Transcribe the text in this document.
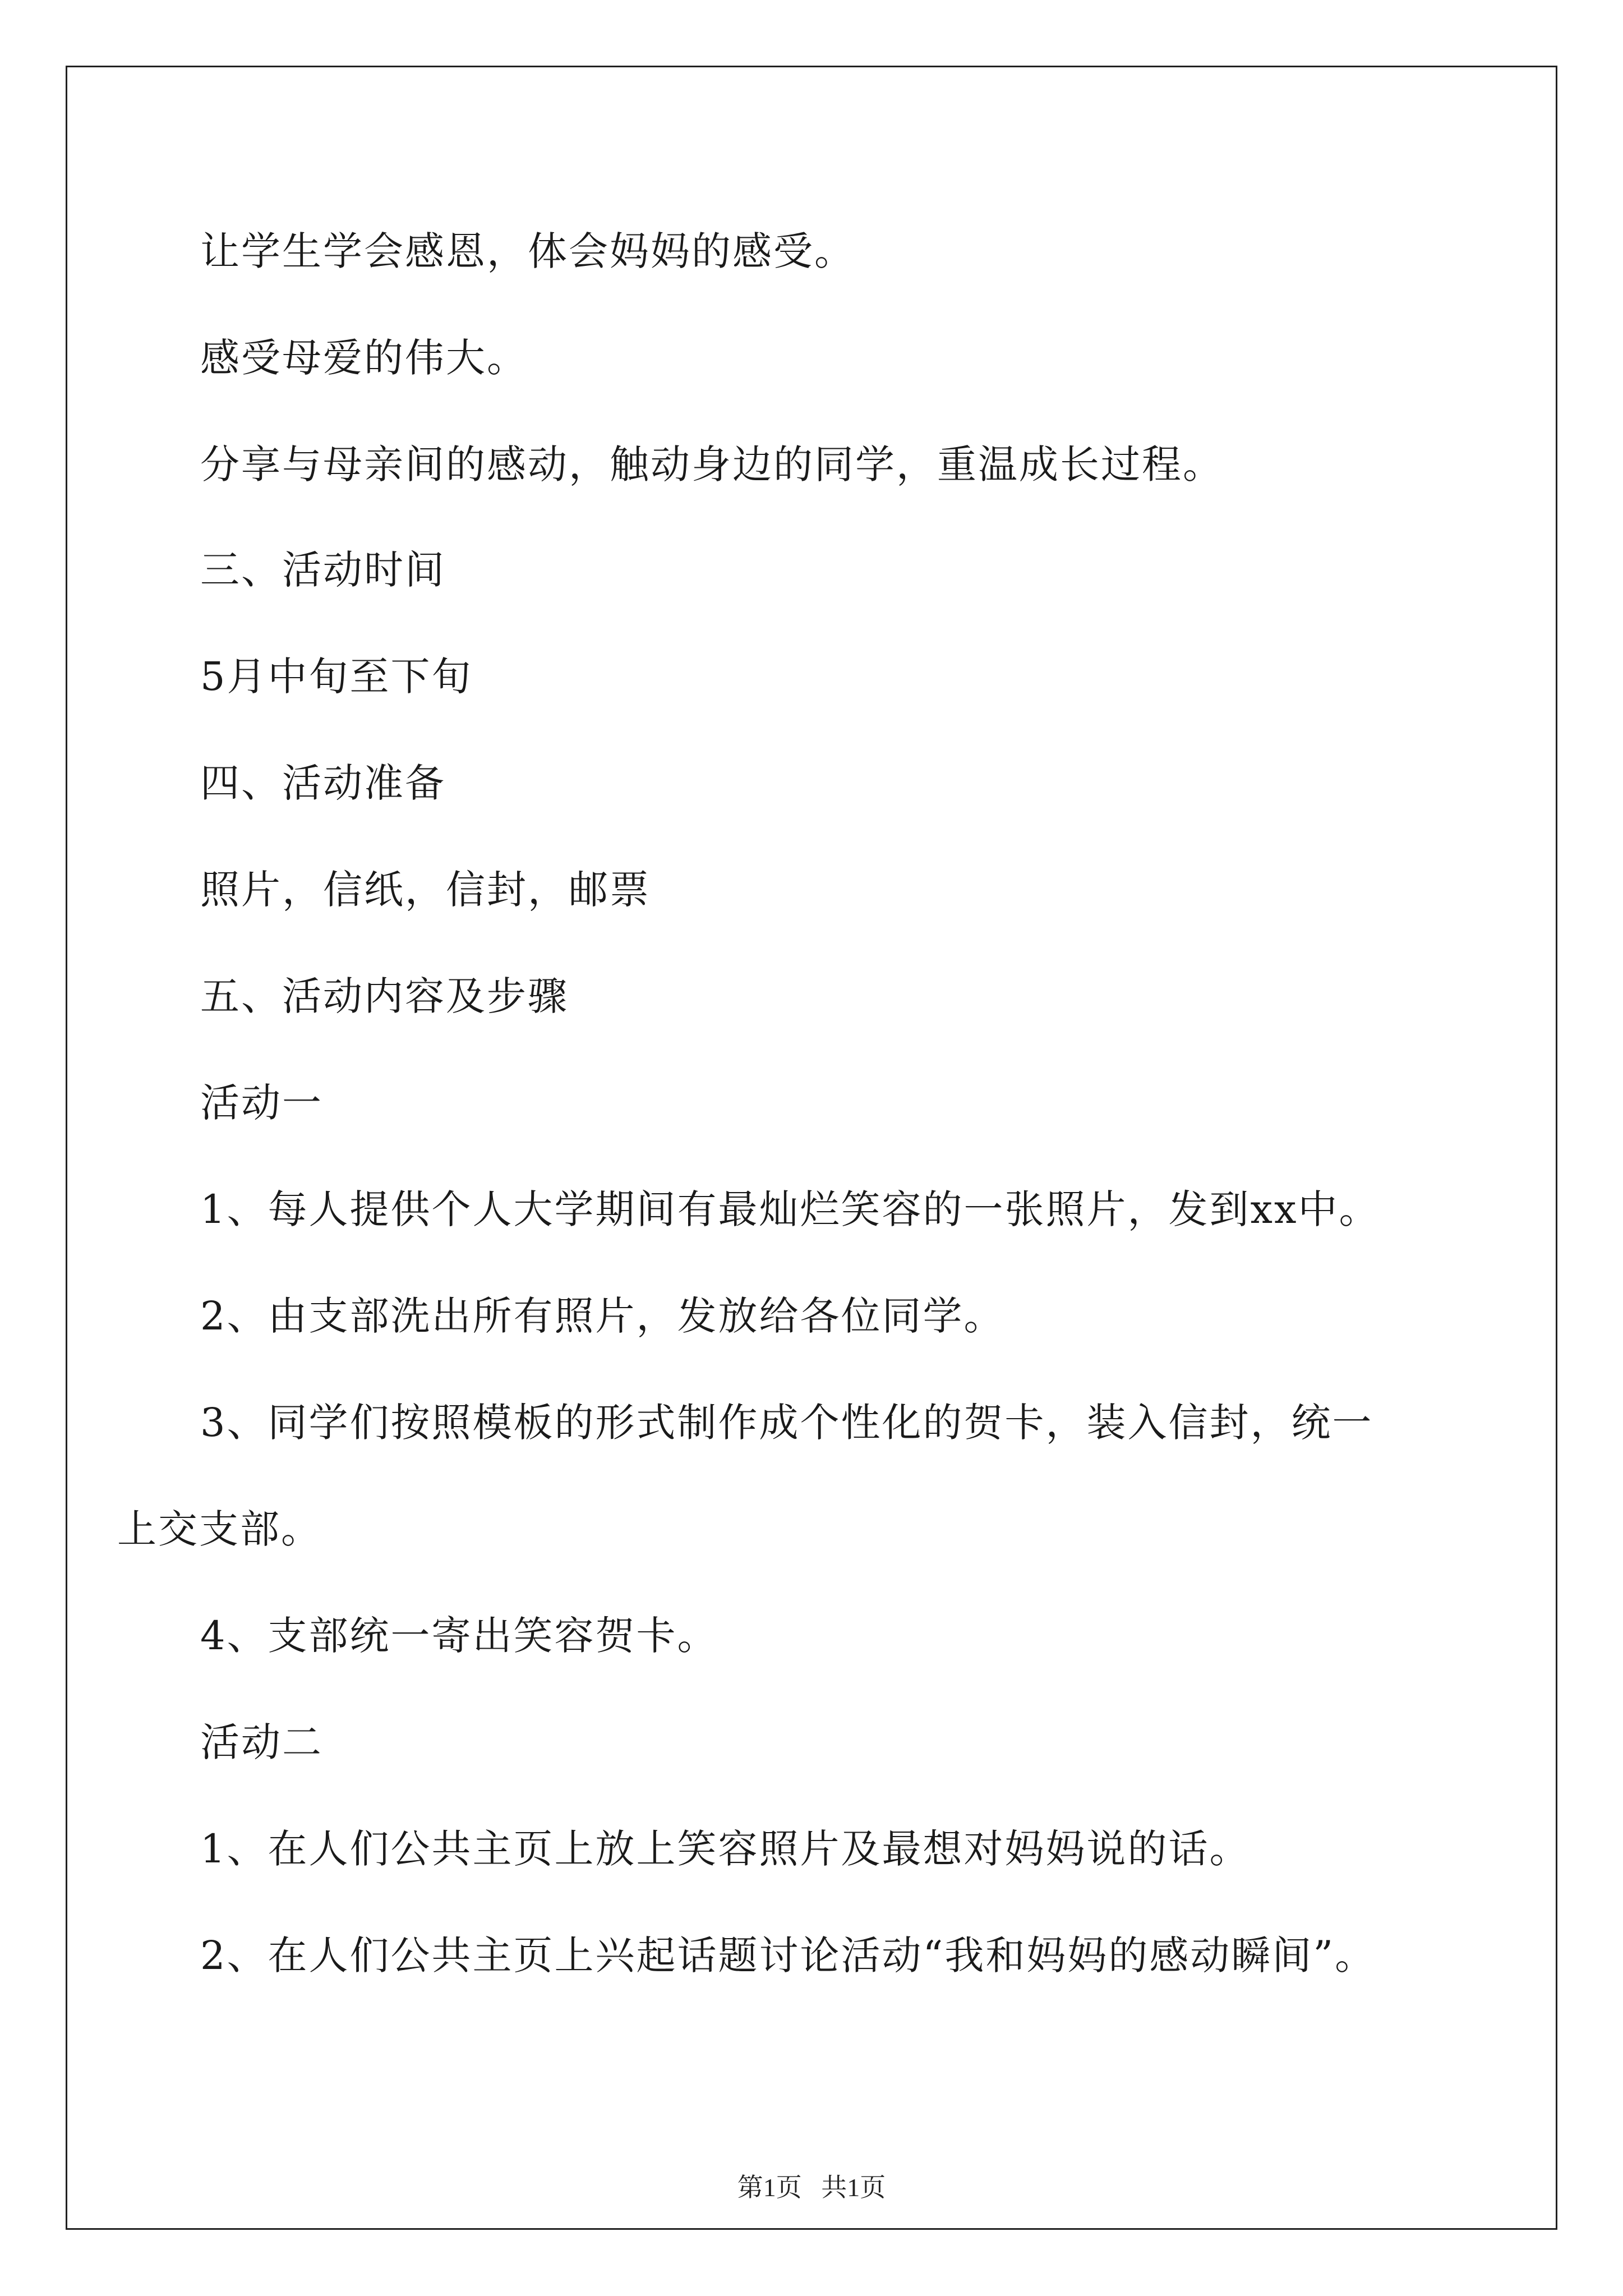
让学生学会感恩，体会妈妈的感受。

感受母爱的伟大。

分享与母亲间的感动，触动身边的同学，重温成长过程。

三、活动时间

5月中旬至下旬

四、活动准备

照片，信纸，信封，邮票

五、活动内容及步骤

活动一

1、每人提供个人大学期间有最灿烂笑容的一张照片，发到xx中。

2、由支部洗出所有照片，发放给各位同学。

3、同学们按照模板的形式制作成个性化的贺卡，装入信封，统一

上交支部。

4、支部统一寄出笑容贺卡。

活动二

1、在人们公共主页上放上笑容照片及最想对妈妈说的话。

2、在人们公共主页上兴起话题讨论活动“我和妈妈的感动瞬间”。

第1页   共1页
